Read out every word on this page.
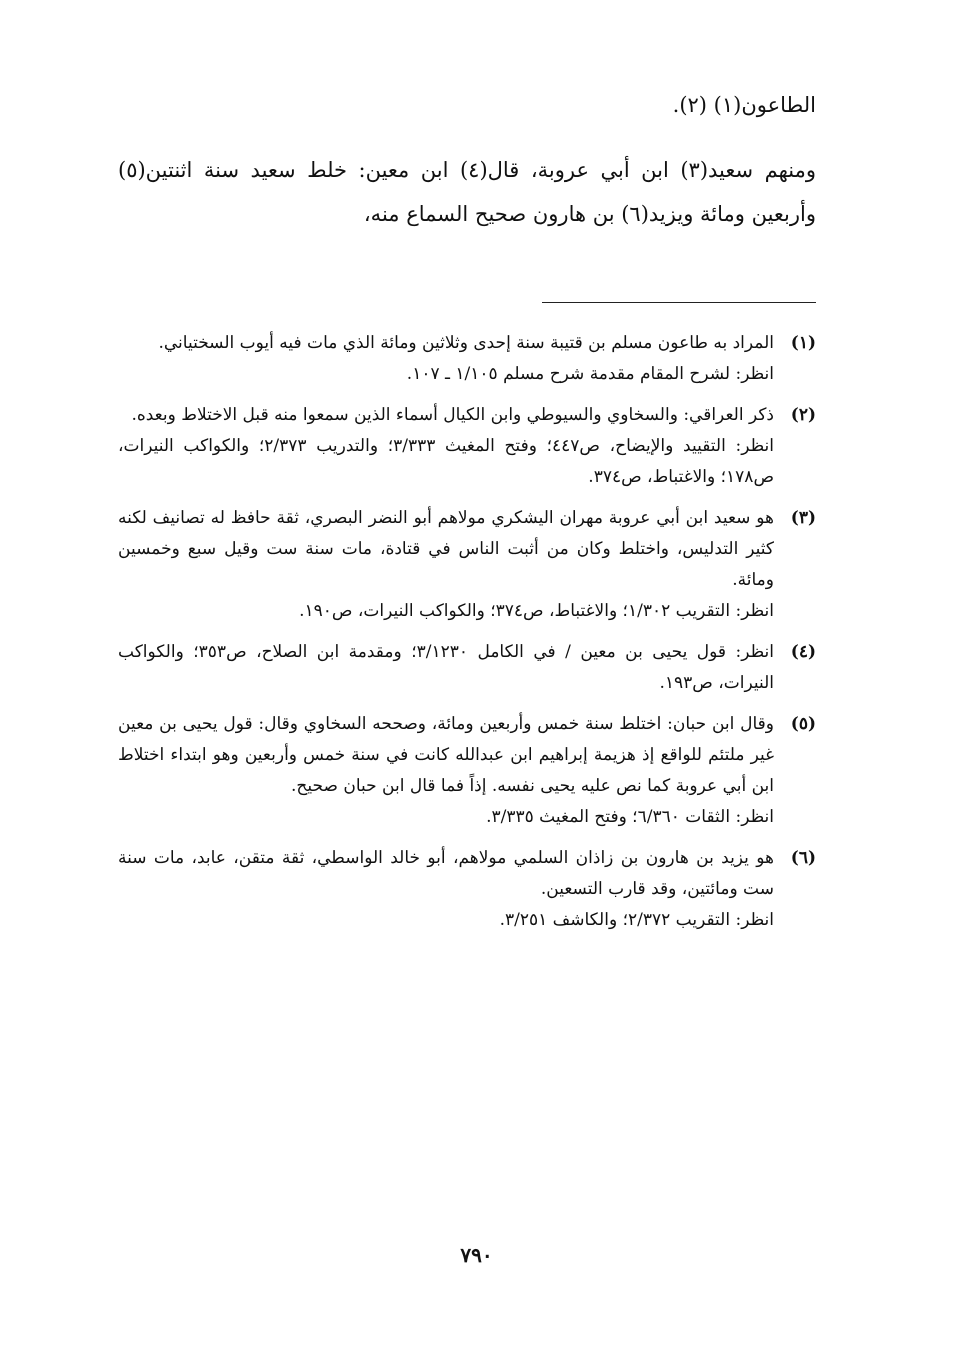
الطاعون(١) (٢).
ومنهم سعيد(٣) ابن أبي عروبة، قال(٤) ابن معين: خلط سعيد سنة اثنتين(٥) وأربعين ومائة ويزيد(٦) بن هارون صحيح السماع منه،
(١)
المراد به طاعون مسلم بن قتيبة سنة إحدى وثلاثين ومائة الذي مات فيه أيوب السختياني.
انظر: لشرح المقام مقدمة شرح مسلم ١/١٠٥ ـ ١٠٧.
(٢)
ذكر العراقي: والسخاوي والسيوطي وابن الكيال أسماء الذين سمعوا منه قبل الاختلاط وبعده.
انظر: التقييد والإيضاح، ص٤٤٧؛ وفتح المغيث ٣/٣٣٣؛ والتدريب ٢/٣٧٣؛ والكواكب النيرات، ص١٧٨؛ والاغتباط، ص٣٧٤.
(٣)
هو سعيد ابن أبي عروبة مهران اليشكري مولاهم أبو النضر البصري، ثقة حافظ له تصانيف لكنه كثير التدليس، واختلط وكان من أثبت الناس في قتادة، مات سنة ست وقيل سبع وخمسين ومائة.
انظر: التقريب ١/٣٠٢؛ والاغتباط، ص٣٧٤؛ والكواكب النيرات، ص١٩٠.
(٤)
انظر: قول يحيى بن معين / في الكامل ٣/١٢٣٠؛ ومقدمة ابن الصلاح، ص٣٥٣؛ والكواكب النيرات، ص١٩٣.
(٥)
وقال ابن حبان: اختلط سنة خمس وأربعين ومائة، وصححه السخاوي وقال: قول يحيى بن معين غير ملتئم للواقع إذ هزيمة إبراهيم ابن عبدالله كانت في سنة خمس وأربعين وهو ابتداء اختلاط ابن أبي عروبة كما نص عليه يحيى نفسه. إذاً فما قال ابن حبان صحيح.
انظر: الثقات ٦/٣٦٠؛ وفتح المغيث ٣/٣٣٥.
(٦)
هو يزيد بن هارون بن زاذان السلمي مولاهم، أبو خالد الواسطي، ثقة متقن، عابد، مات سنة ست ومائتين، وقد قارب التسعين.
انظر: التقريب ٢/٣٧٢؛ والكاشف ٣/٢٥١.
٧٩٠
